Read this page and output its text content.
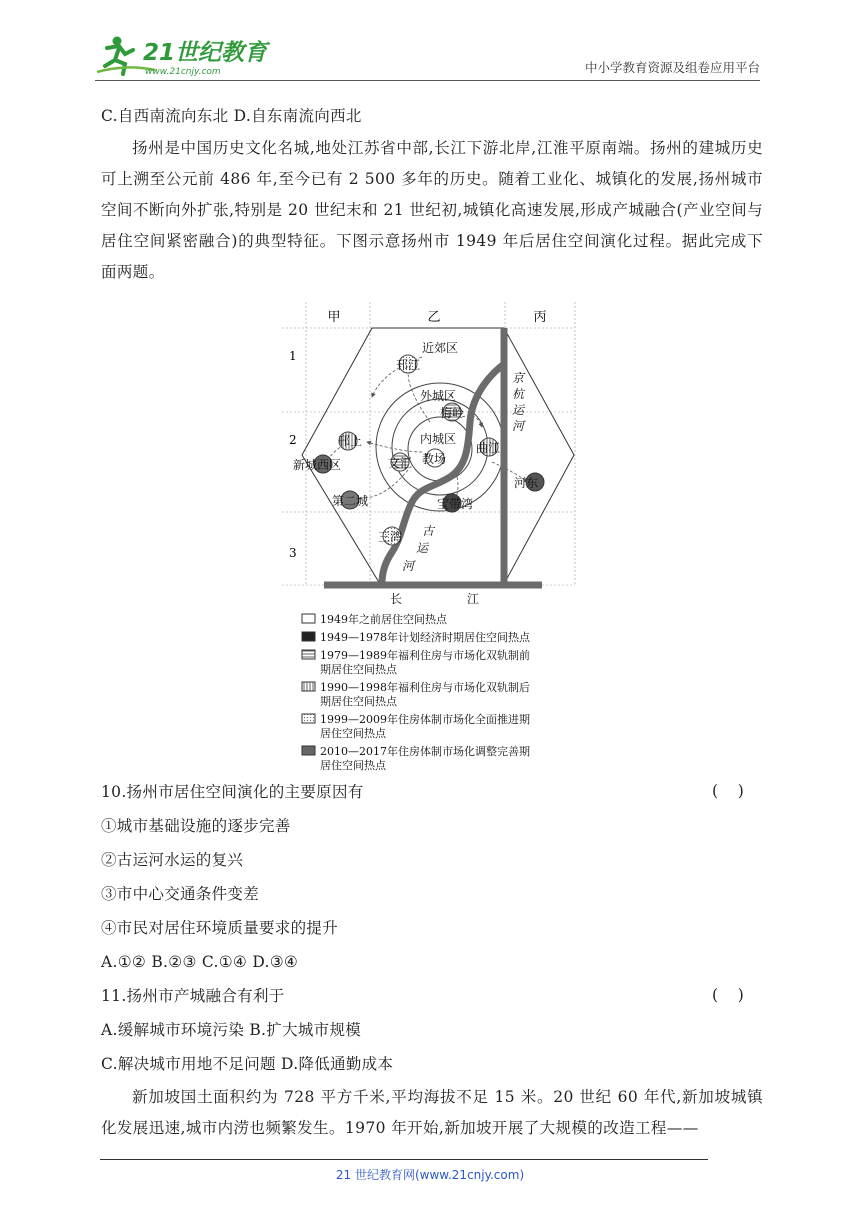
21世纪教育
www.21cnjy.com	中小学教育资源及组卷应用平台
C.自西南流向东北 D.自东南流向西北
扬州是中国历史文化名城,地处江苏省中部,长江下游北岸,江淮平原南端。扬州的建城历史可上溯至公元前 486 年,至今已有 2 500 多年的历史。随着工业化、城镇化的发展,扬州城市空间不断向外扩张,特别是 20 世纪末和 21 世纪初,城镇化高速发展,形成产城融合(产业空间与居住空间紧密融合)的典型特征。下图示意扬州市 1949 年后居住空间演化过程。据此完成下面两题。
甲	乙	丙
1
2
3
近郊区
外城区
内城区
邗江
梅岭
教场
曲江
邗上
文汇
新城西区
河东
第二城	宝带湾
三湾
京
杭
运
河
古
运
河
长	江
1949年之前居住空间热点
1949—1978年计划经济时期居住空间热点
1979—1989年福利住房与市场化双轨制前
期居住空间热点
1990—1998年福利住房与市场化双轨制后
期居住空间热点
1999—2009年住房体制市场化全面推进期
居住空间热点
2010—2017年住房体制市场化调整完善期
居住空间热点
10.扬州市居住空间演化的主要原因有	(    )
①城市基础设施的逐步完善
②古运河水运的复兴
③市中心交通条件变差
④市民对居住环境质量要求的提升
A.①② B.②③ C.①④ D.③④
11.扬州市产城融合有利于	(    )
A.缓解城市环境污染 B.扩大城市规模
C.解决城市用地不足问题 D.降低通勤成本
新加坡国土面积约为 728 平方千米,平均海拔不足 15 米。20 世纪 60 年代,新加坡城镇化发展迅速,城市内涝也频繁发生。1970 年开始,新加坡开展了大规模的改造工程——
21 世纪教育网(www.21cnjy.com)
